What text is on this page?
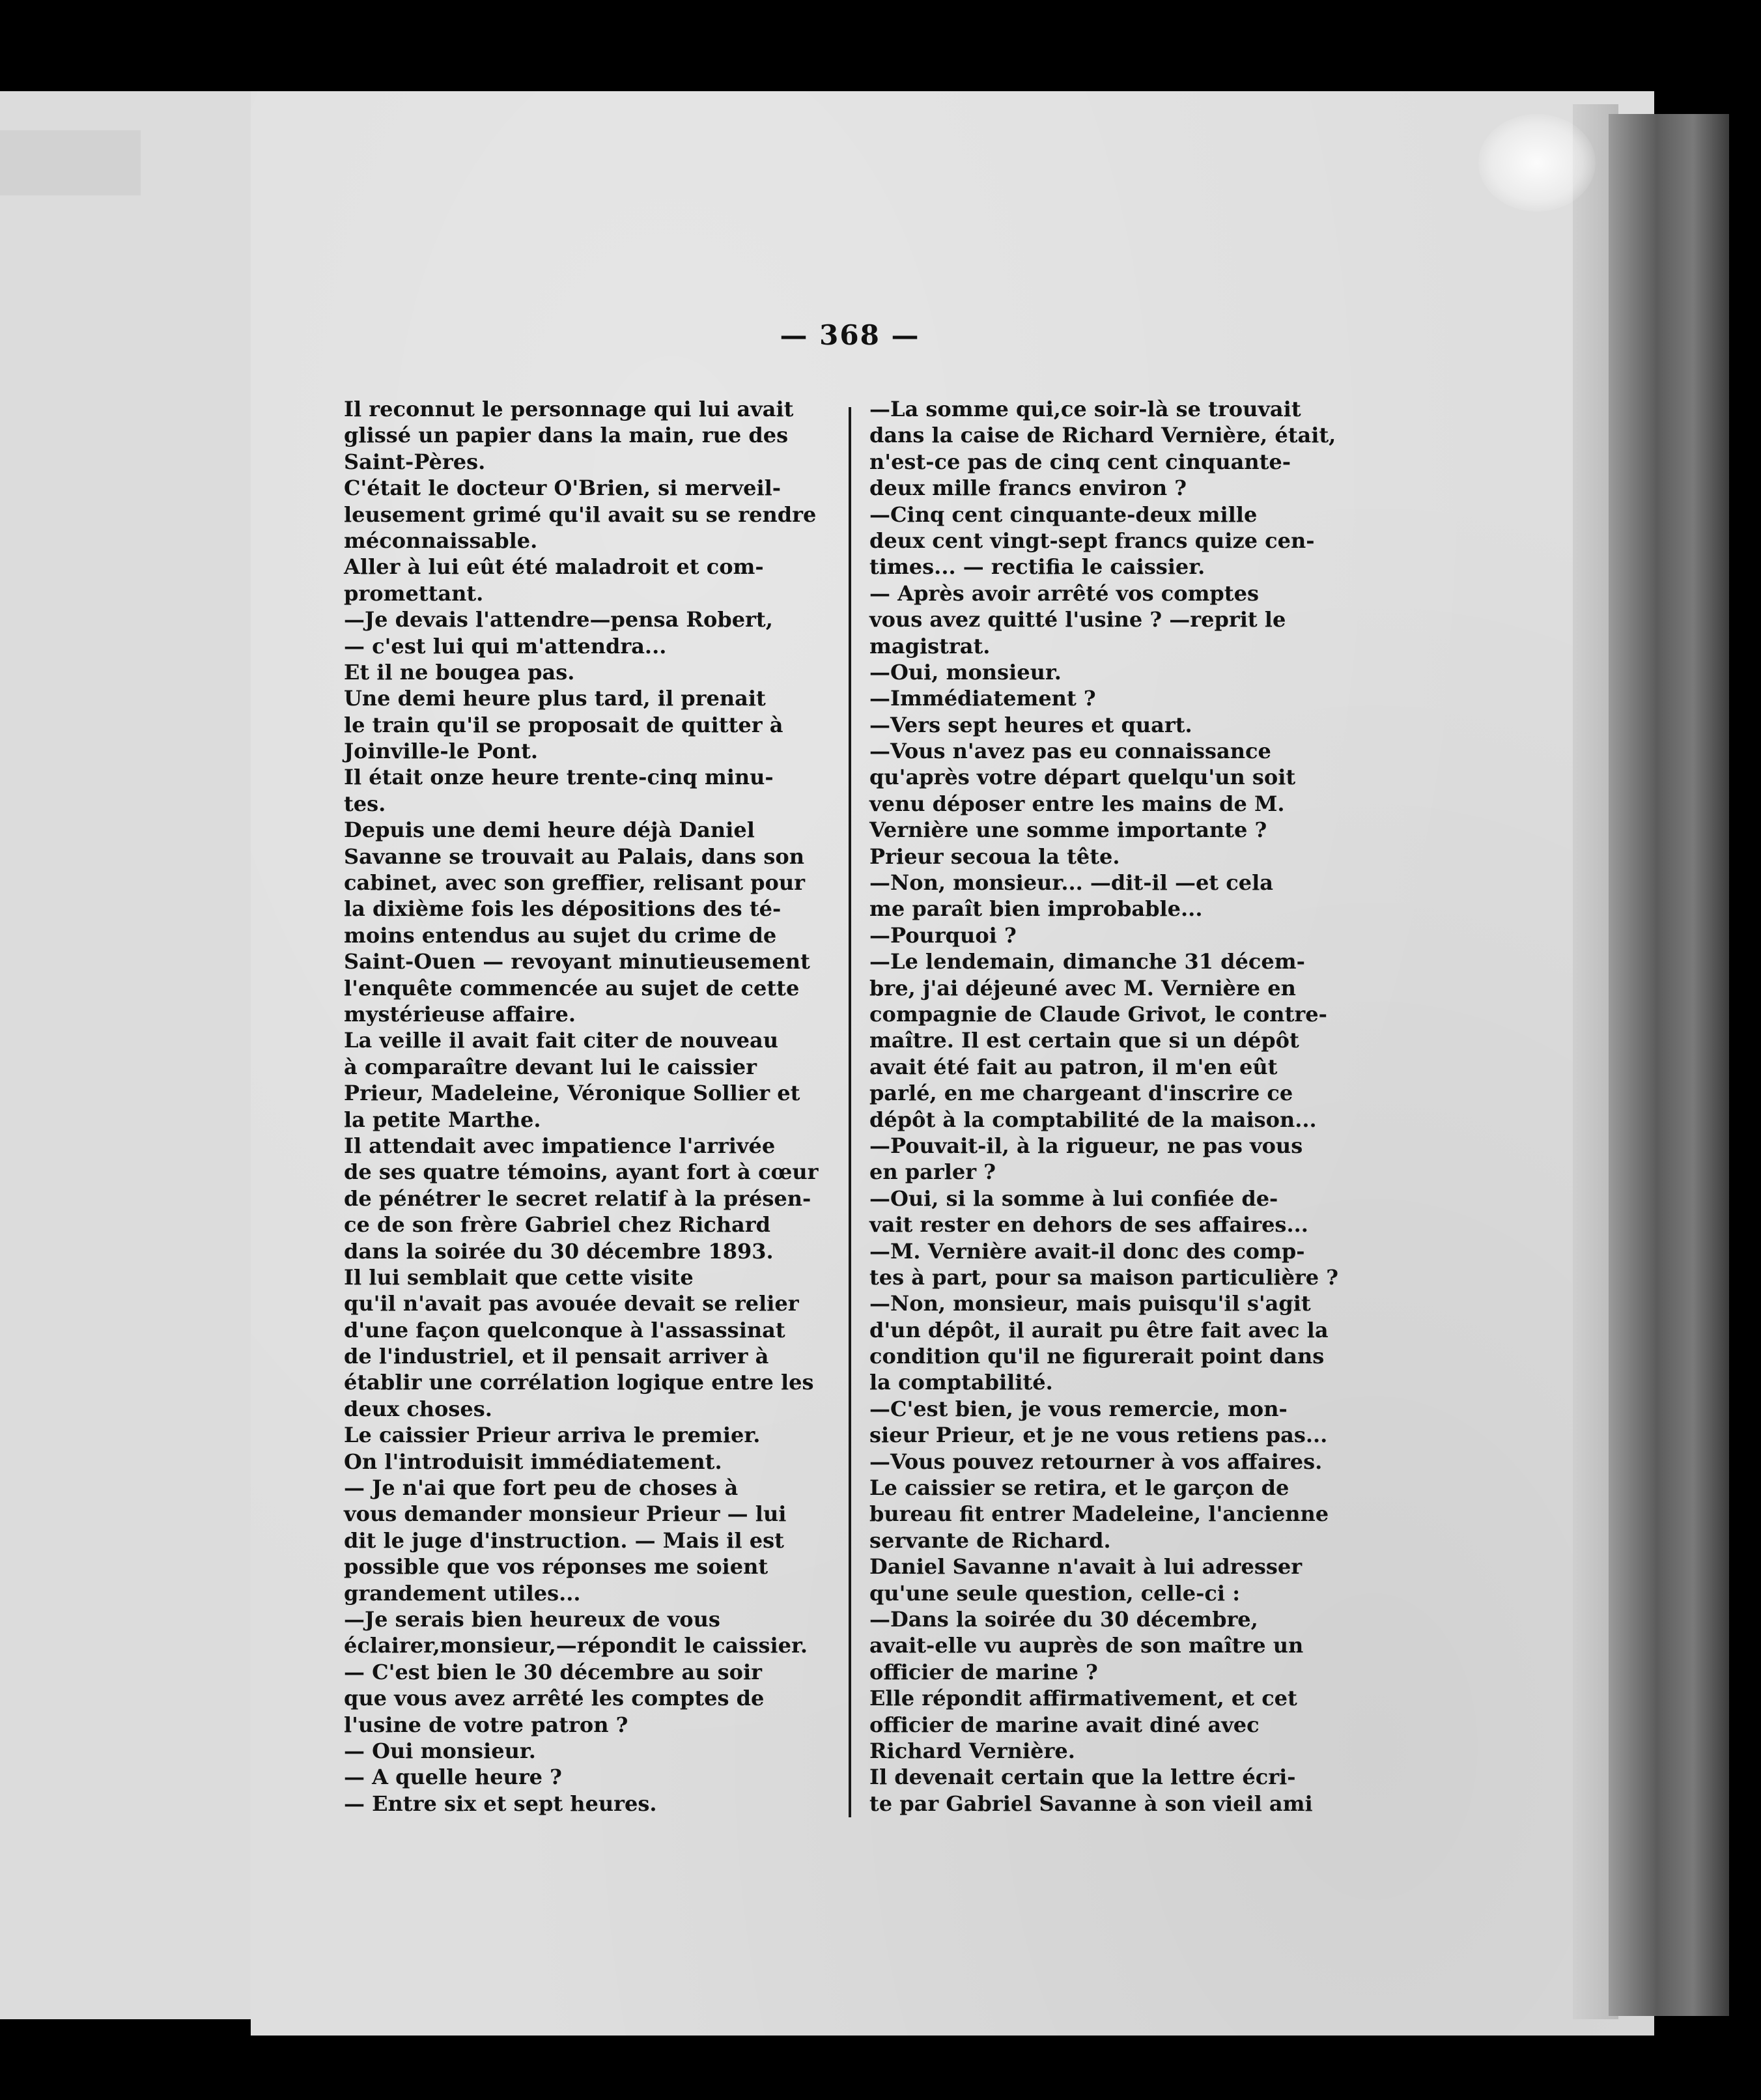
— 368 —
Il reconnut le personnage qui lui avait
glissé un papier dans la main, rue des
Saint-Pères.
C'était le docteur O'Brien, si merveil-
leusement grimé qu'il avait su se rendre
méconnaissable.
Aller à lui eût été maladroit et com-
promettant.
—Je devais l'attendre—pensa Robert,
— c'est lui qui m'attendra...
Et il ne bougea pas.
Une demi heure plus tard, il prenait
le train qu'il se proposait de quitter à
Joinville-le Pont.
Il était onze heure trente-cinq minu-
tes.
Depuis une demi heure déjà Daniel
Savanne se trouvait au Palais, dans son
cabinet, avec son greffier, relisant pour
la dixième fois les dépositions des té-
moins entendus au sujet du crime de
Saint-Ouen — revoyant minutieusement
l'enquête commencée au sujet de cette
mystérieuse affaire.
La veille il avait fait citer de nouveau
à comparaître devant lui le caissier
Prieur, Madeleine, Véronique Sollier et
la petite Marthe.
Il attendait avec impatience l'arrivée
de ses quatre témoins, ayant fort à cœur
de pénétrer le secret relatif à la présen-
ce de son frère Gabriel chez Richard
dans la soirée du 30 décembre 1893.
Il lui semblait que cette visite
qu'il n'avait pas avouée devait se relier
d'une façon quelconque à l'assassinat
de l'industriel, et il pensait arriver à
établir une corrélation logique entre les
deux choses.
Le caissier Prieur arriva le premier.
On l'introduisit immédiatement.
— Je n'ai que fort peu de choses à
vous demander monsieur Prieur — lui
dit le juge d'instruction. — Mais il est
possible que vos réponses me soient
grandement utiles...
—Je serais bien heureux de vous
éclairer,monsieur,—répondit le caissier.
— C'est bien le 30 décembre au soir
que vous avez arrêté les comptes de
l'usine de votre patron ?
— Oui monsieur.
— A quelle heure ?
— Entre six et sept heures.
—La somme qui,ce soir-là se trouvait
dans la caise de Richard Vernière, était,
n'est-ce pas de cinq cent cinquante-
deux mille francs environ ?
—Cinq cent cinquante-deux mille
deux cent vingt-sept francs quize cen-
times... — rectifia le caissier.
— Après avoir arrêté vos comptes
vous avez quitté l'usine ? —reprit le
magistrat.
—Oui, monsieur.
—Immédiatement ?
—Vers sept heures et quart.
—Vous n'avez pas eu connaissance
qu'après votre départ quelqu'un soit
venu déposer entre les mains de M.
Vernière une somme importante ?
Prieur secoua la tête.
—Non, monsieur... —dit-il —et cela
me paraît bien improbable...
—Pourquoi ?
—Le lendemain, dimanche 31 décem-
bre, j'ai déjeuné avec M. Vernière en
compagnie de Claude Grivot, le contre-
maître. Il est certain que si un dépôt
avait été fait au patron, il m'en eût
parlé, en me chargeant d'inscrire ce
dépôt à la comptabilité de la maison...
—Pouvait-il, à la rigueur, ne pas vous
en parler ?
—Oui, si la somme à lui confiée de-
vait rester en dehors de ses affaires...
—M. Vernière avait-il donc des comp-
tes à part, pour sa maison particulière ?
—Non, monsieur, mais puisqu'il s'agit
d'un dépôt, il aurait pu être fait avec la
condition qu'il ne figurerait point dans
la comptabilité.
—C'est bien, je vous remercie, mon-
sieur Prieur, et je ne vous retiens pas...
—Vous pouvez retourner à vos affaires.
Le caissier se retira, et le garçon de
bureau fit entrer Madeleine, l'ancienne
servante de Richard.
Daniel Savanne n'avait à lui adresser
qu'une seule question, celle-ci :
—Dans la soirée du 30 décembre,
avait-elle vu auprès de son maître un
officier de marine ?
Elle répondit affirmativement, et cet
officier de marine avait diné avec
Richard Vernière.
Il devenait certain que la lettre écri-
te par Gabriel Savanne à son vieil ami
